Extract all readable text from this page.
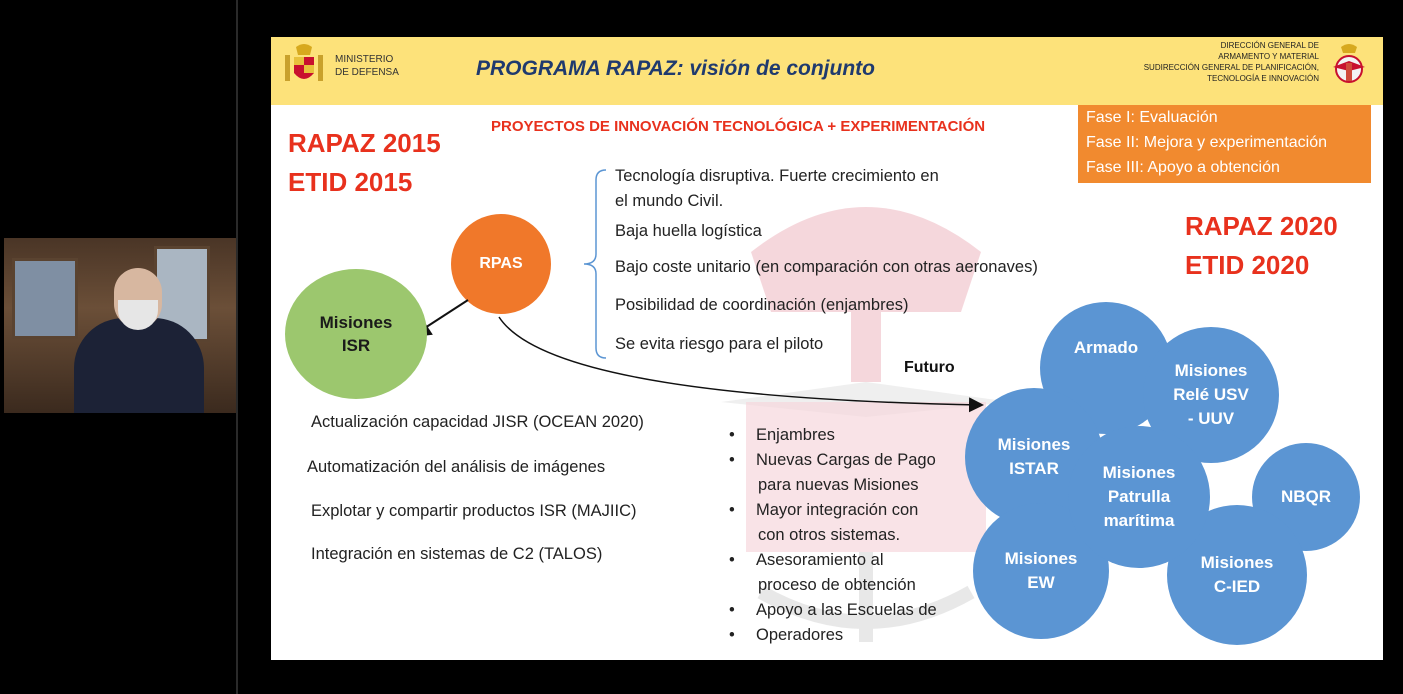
MINISTERIO
DE DEFENSA	PROGRAMA RAPAZ: visión de conjunto
DIRECCIÓN GENERAL DE
ARMAMENTO Y MATERIAL
SUDIRECCIÓN GENERAL DE PLANIFICACIÓN,
TECNOLOGÍA E INNOVACIÓN
Fase I: Evaluación
Fase II: Mejora y experimentación
Fase III: Apoyo a obtención
RAPAZ 2015
ETID 2015
PROYECTOS DE INNOVACIÓN TECNOLÓGICA + EXPERIMENTACIÓN
RAPAZ 2020
ETID 2020
RPAS
Tecnología disruptiva. Fuerte crecimiento en
el mundo Civil.
Baja huella logística
Bajo coste unitario (en comparación con otras aeronaves)
Posibilidad de coordinación (enjambres)
Se evita riesgo para el piloto
Misiones
ISR
Actualización capacidad JISR (OCEAN 2020)
Automatización del análisis de imágenes
Explotar y compartir productos ISR (MAJIIC)
Integración en sistemas de C2 (TALOS)
Futuro
• Enjambres
• Nuevas Cargas de Pago
para nuevas Misiones
• Mayor integración con
con otros sistemas.
• Asesoramiento al
proceso de obtención
• Apoyo a las Escuelas de
• Operadores
Armado
NBQR
Misiones
Relé USV
- UUV
Misiones
ISTAR
Misiones
EW
Misiones
C-IED
Misiones
Patrulla
marítima
